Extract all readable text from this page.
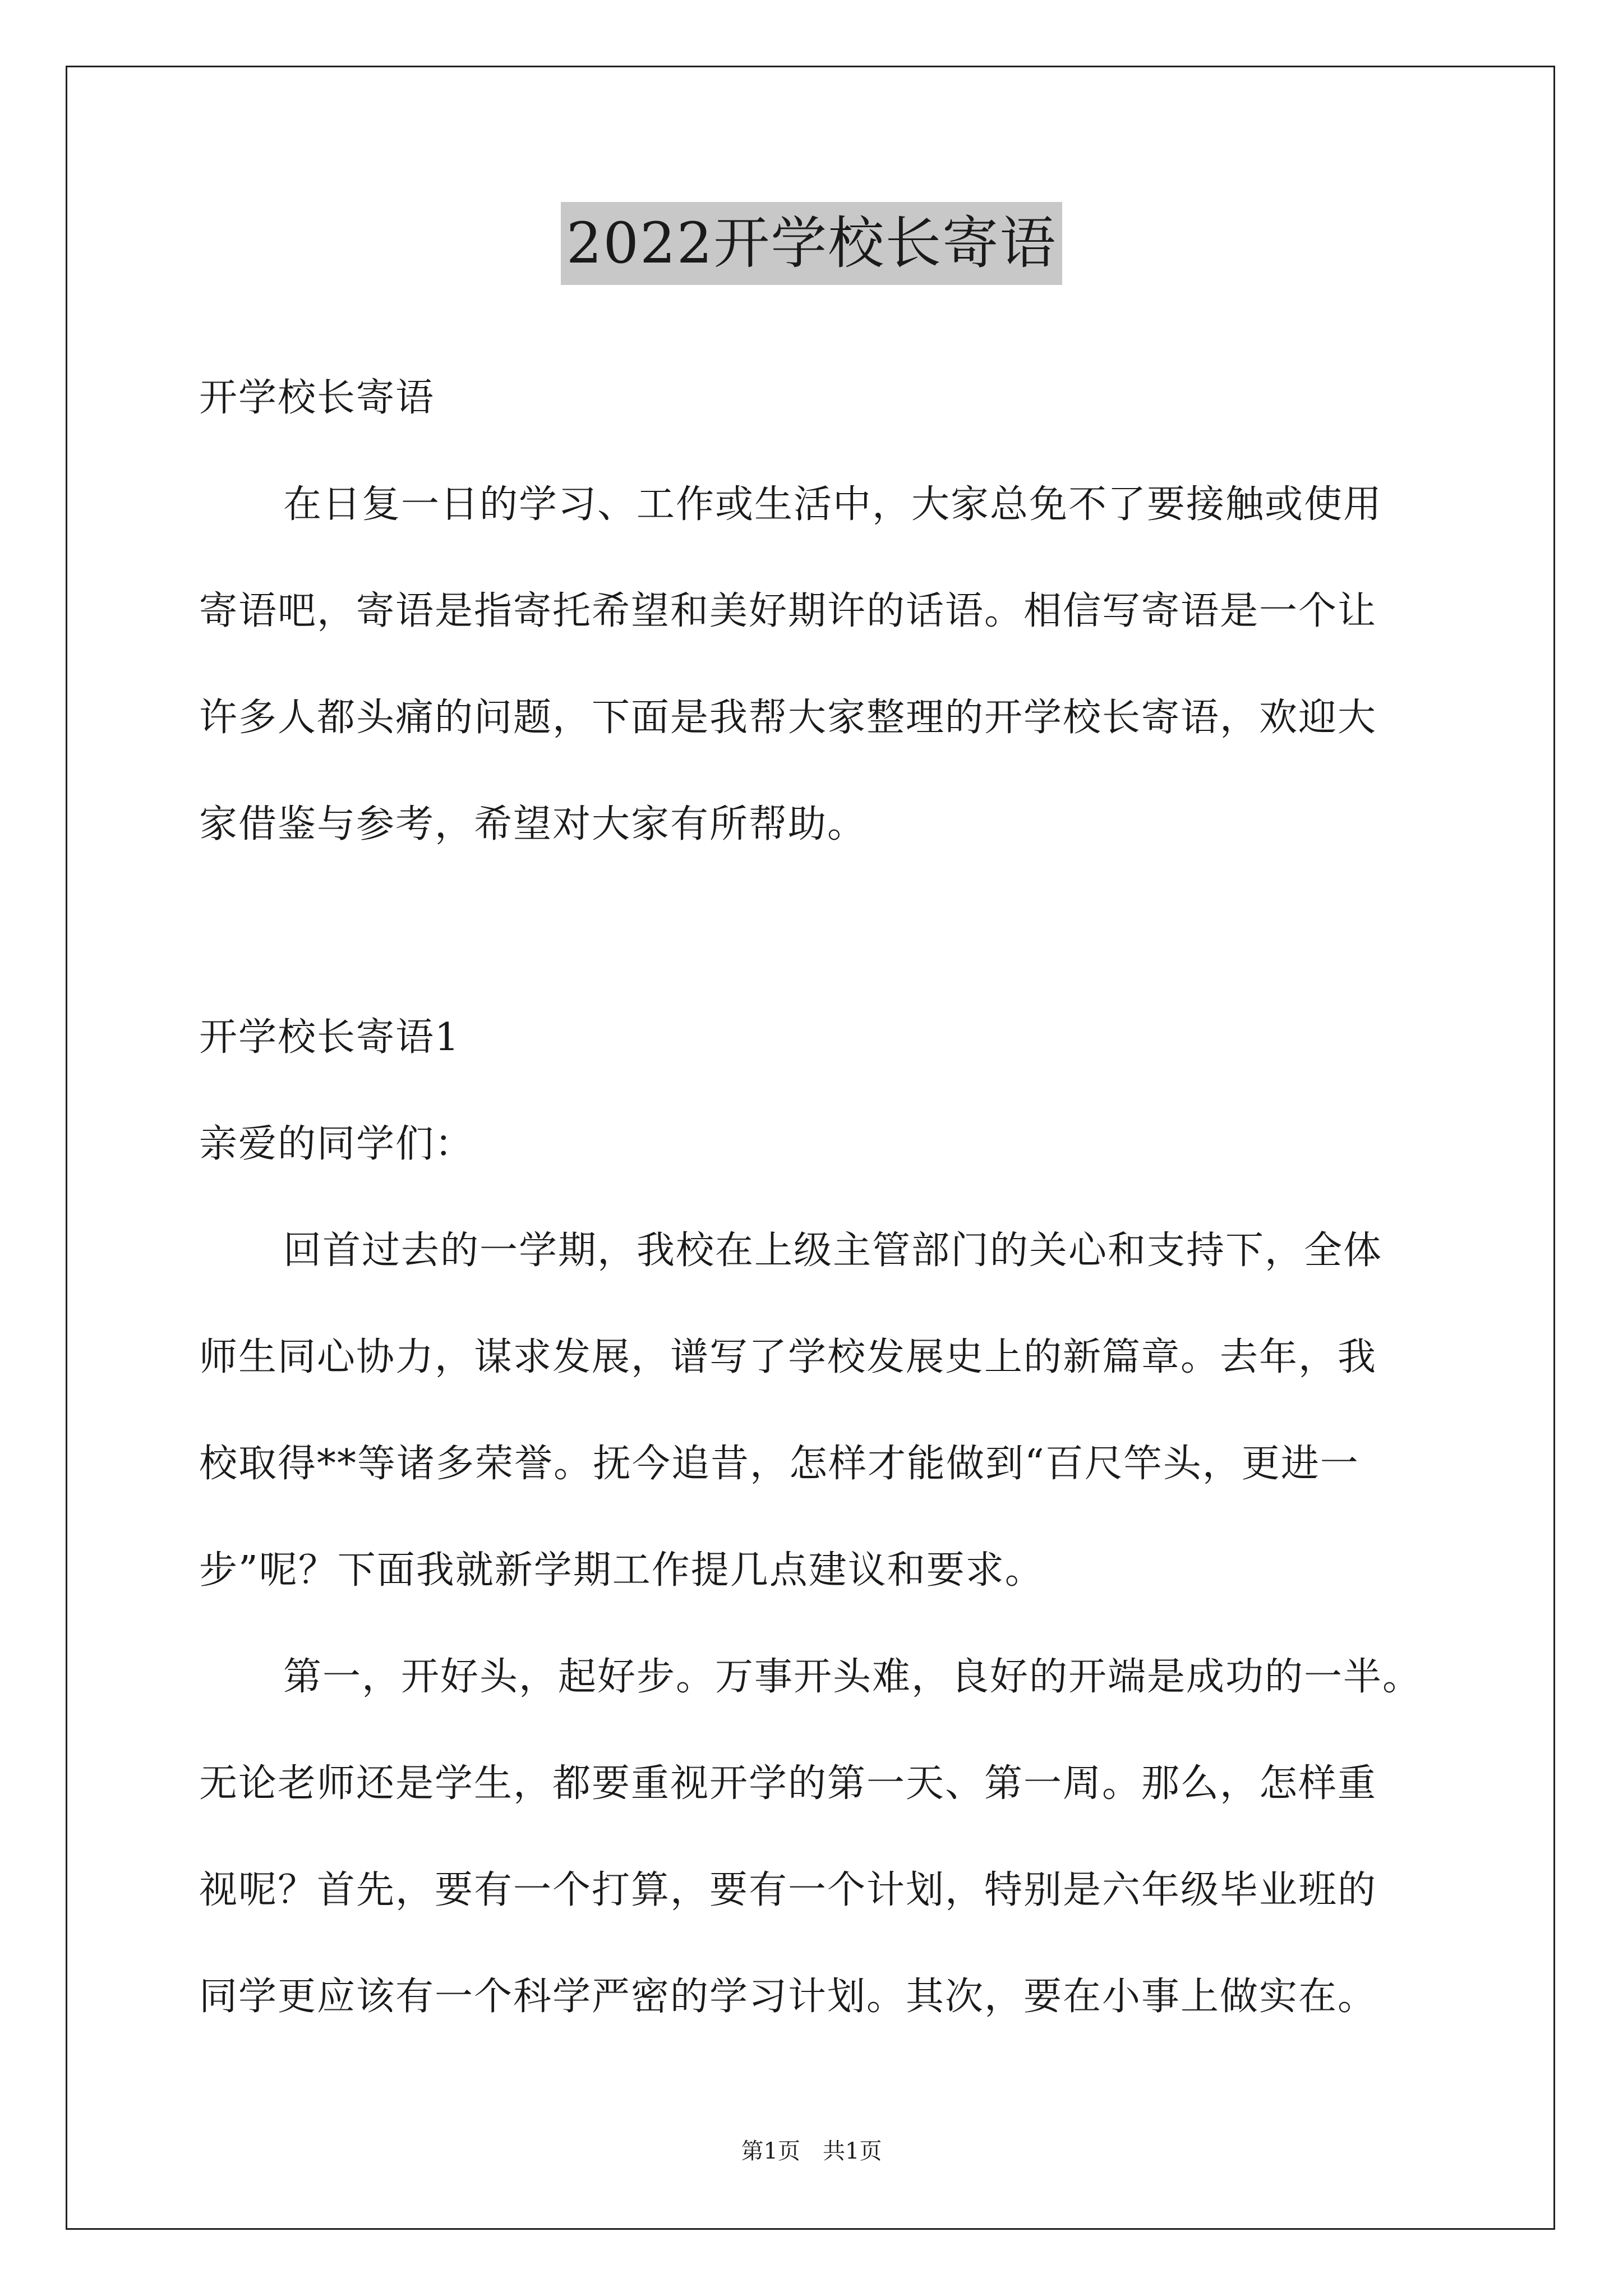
2022开学校长寄语
开学校长寄语
在日复一日的学习、工作或生活中，大家总免不了要接触或使用
寄语吧，寄语是指寄托希望和美好期许的话语。相信写寄语是一个让
许多人都头痛的问题，下面是我帮大家整理的开学校长寄语，欢迎大
家借鉴与参考，希望对大家有所帮助。
开学校长寄语1
亲爱的同学们：
回首过去的一学期，我校在上级主管部门的关心和支持下，全体
师生同心协力，谋求发展，谱写了学校发展史上的新篇章。去年，我
校取得**等诸多荣誉。抚今追昔，怎样才能做到“百尺竿头，更进一
步”呢？下面我就新学期工作提几点建议和要求。
第一，开好头，起好步。万事开头难，良好的开端是成功的一半。
无论老师还是学生，都要重视开学的第一天、第一周。那么，怎样重
视呢？首先，要有一个打算，要有一个计划，特别是六年级毕业班的
同学更应该有一个科学严密的学习计划。其次，要在小事上做实在。
第1页　共1页
